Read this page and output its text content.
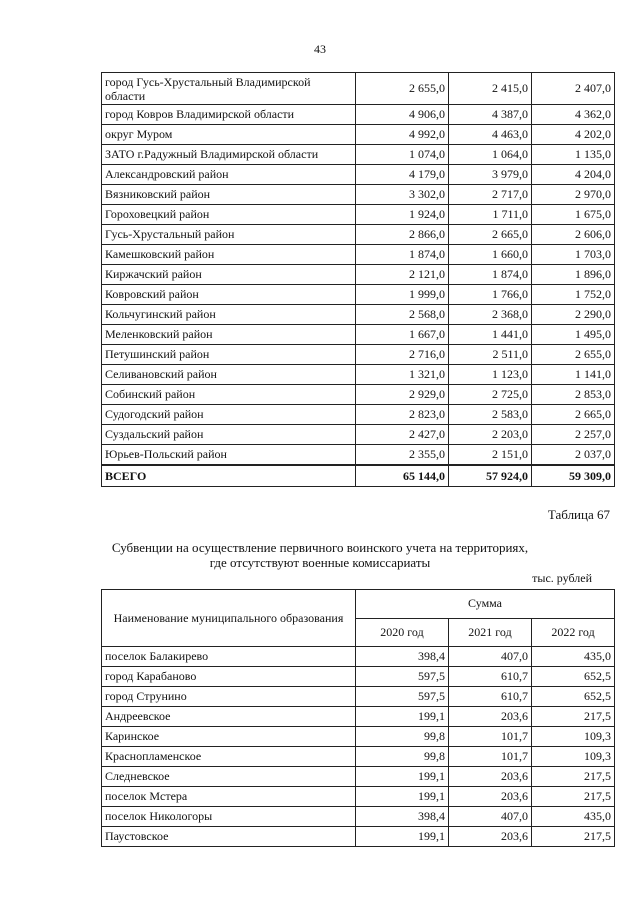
43
город Гусь-Хрустальный Владимирской области	2 655,0	2 415,0	2 407,0
город Ковров Владимирской области	4 906,0	4 387,0	4 362,0
округ Муром	4 992,0	4 463,0	4 202,0
ЗАТО г.Радужный Владимирской области	1 074,0	1 064,0	1 135,0
Александровский район	4 179,0	3 979,0	4 204,0
Вязниковский район	3 302,0	2 717,0	2 970,0
Гороховецкий район	1 924,0	1 711,0	1 675,0
Гусь-Хрустальный район	2 866,0	2 665,0	2 606,0
Камешковский район	1 874,0	1 660,0	1 703,0
Киржачский район	2 121,0	1 874,0	1 896,0
Ковровский район	1 999,0	1 766,0	1 752,0
Кольчугинский район	2 568,0	2 368,0	2 290,0
Меленковский район	1 667,0	1 441,0	1 495,0
Петушинский район	2 716,0	2 511,0	2 655,0
Селивановский район	1 321,0	1 123,0	1 141,0
Собинский район	2 929,0	2 725,0	2 853,0
Судогодский район	2 823,0	2 583,0	2 665,0
Суздальский район	2 427,0	2 203,0	2 257,0
Юрьев-Польский район	2 355,0	2 151,0	2 037,0
ВСЕГО	65 144,0	57 924,0	59 309,0
Таблица 67
Субвенции на осуществление первичного воинского учета на территориях,
где отсутствуют военные комиссариаты
тыс. рублей
Наименование муниципального образования	Сумма		
	2020 год	2021 год	2022 год
поселок Балакирево	398,4	407,0	435,0
город Карабаново	597,5	610,7	652,5
город Струнино	597,5	610,7	652,5
Андреевское	199,1	203,6	217,5
Каринское	99,8	101,7	109,3
Краснопламенское	99,8	101,7	109,3
Следневское	199,1	203,6	217,5
поселок Мстера	199,1	203,6	217,5
поселок Никологоры	398,4	407,0	435,0
Паустовское	199,1	203,6	217,5
